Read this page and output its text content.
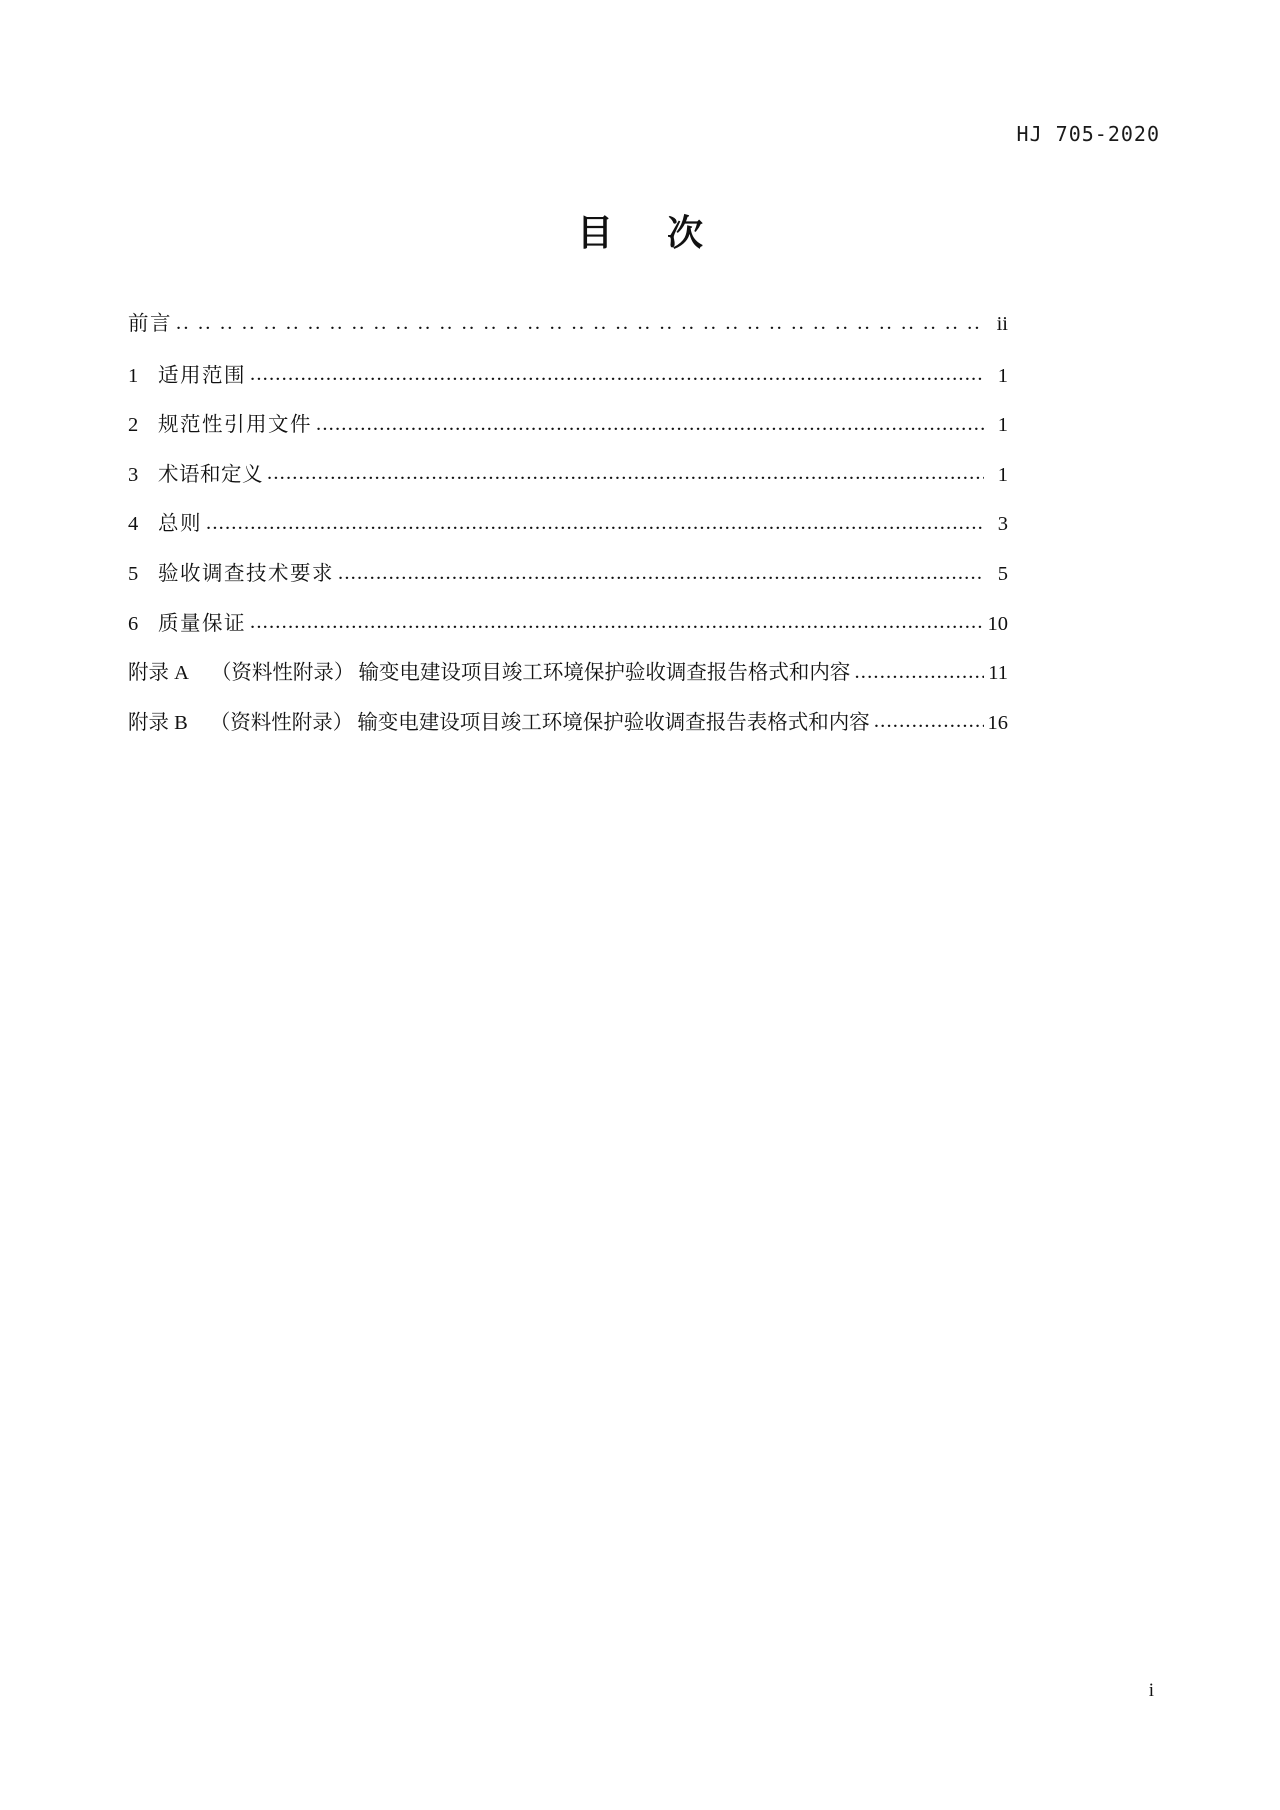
HJ 705-2020
目 次
前言 .. ..	ii
1 适用范围 .....	1
2 规范性引用文件 .....	1
3 术语和定义 .....	1
4 总则 .....	3
5 验收调查技术要求 .....	5
6 质量保证 .....	10
附录 A	（资料性附录） 输变电建设项目竣工环境保护验收调查报告格式和内容 .....	11
附录 B	（资料性附录） 输变电建设项目竣工环境保护验收调查报告表格式和内容 .....	16
i
